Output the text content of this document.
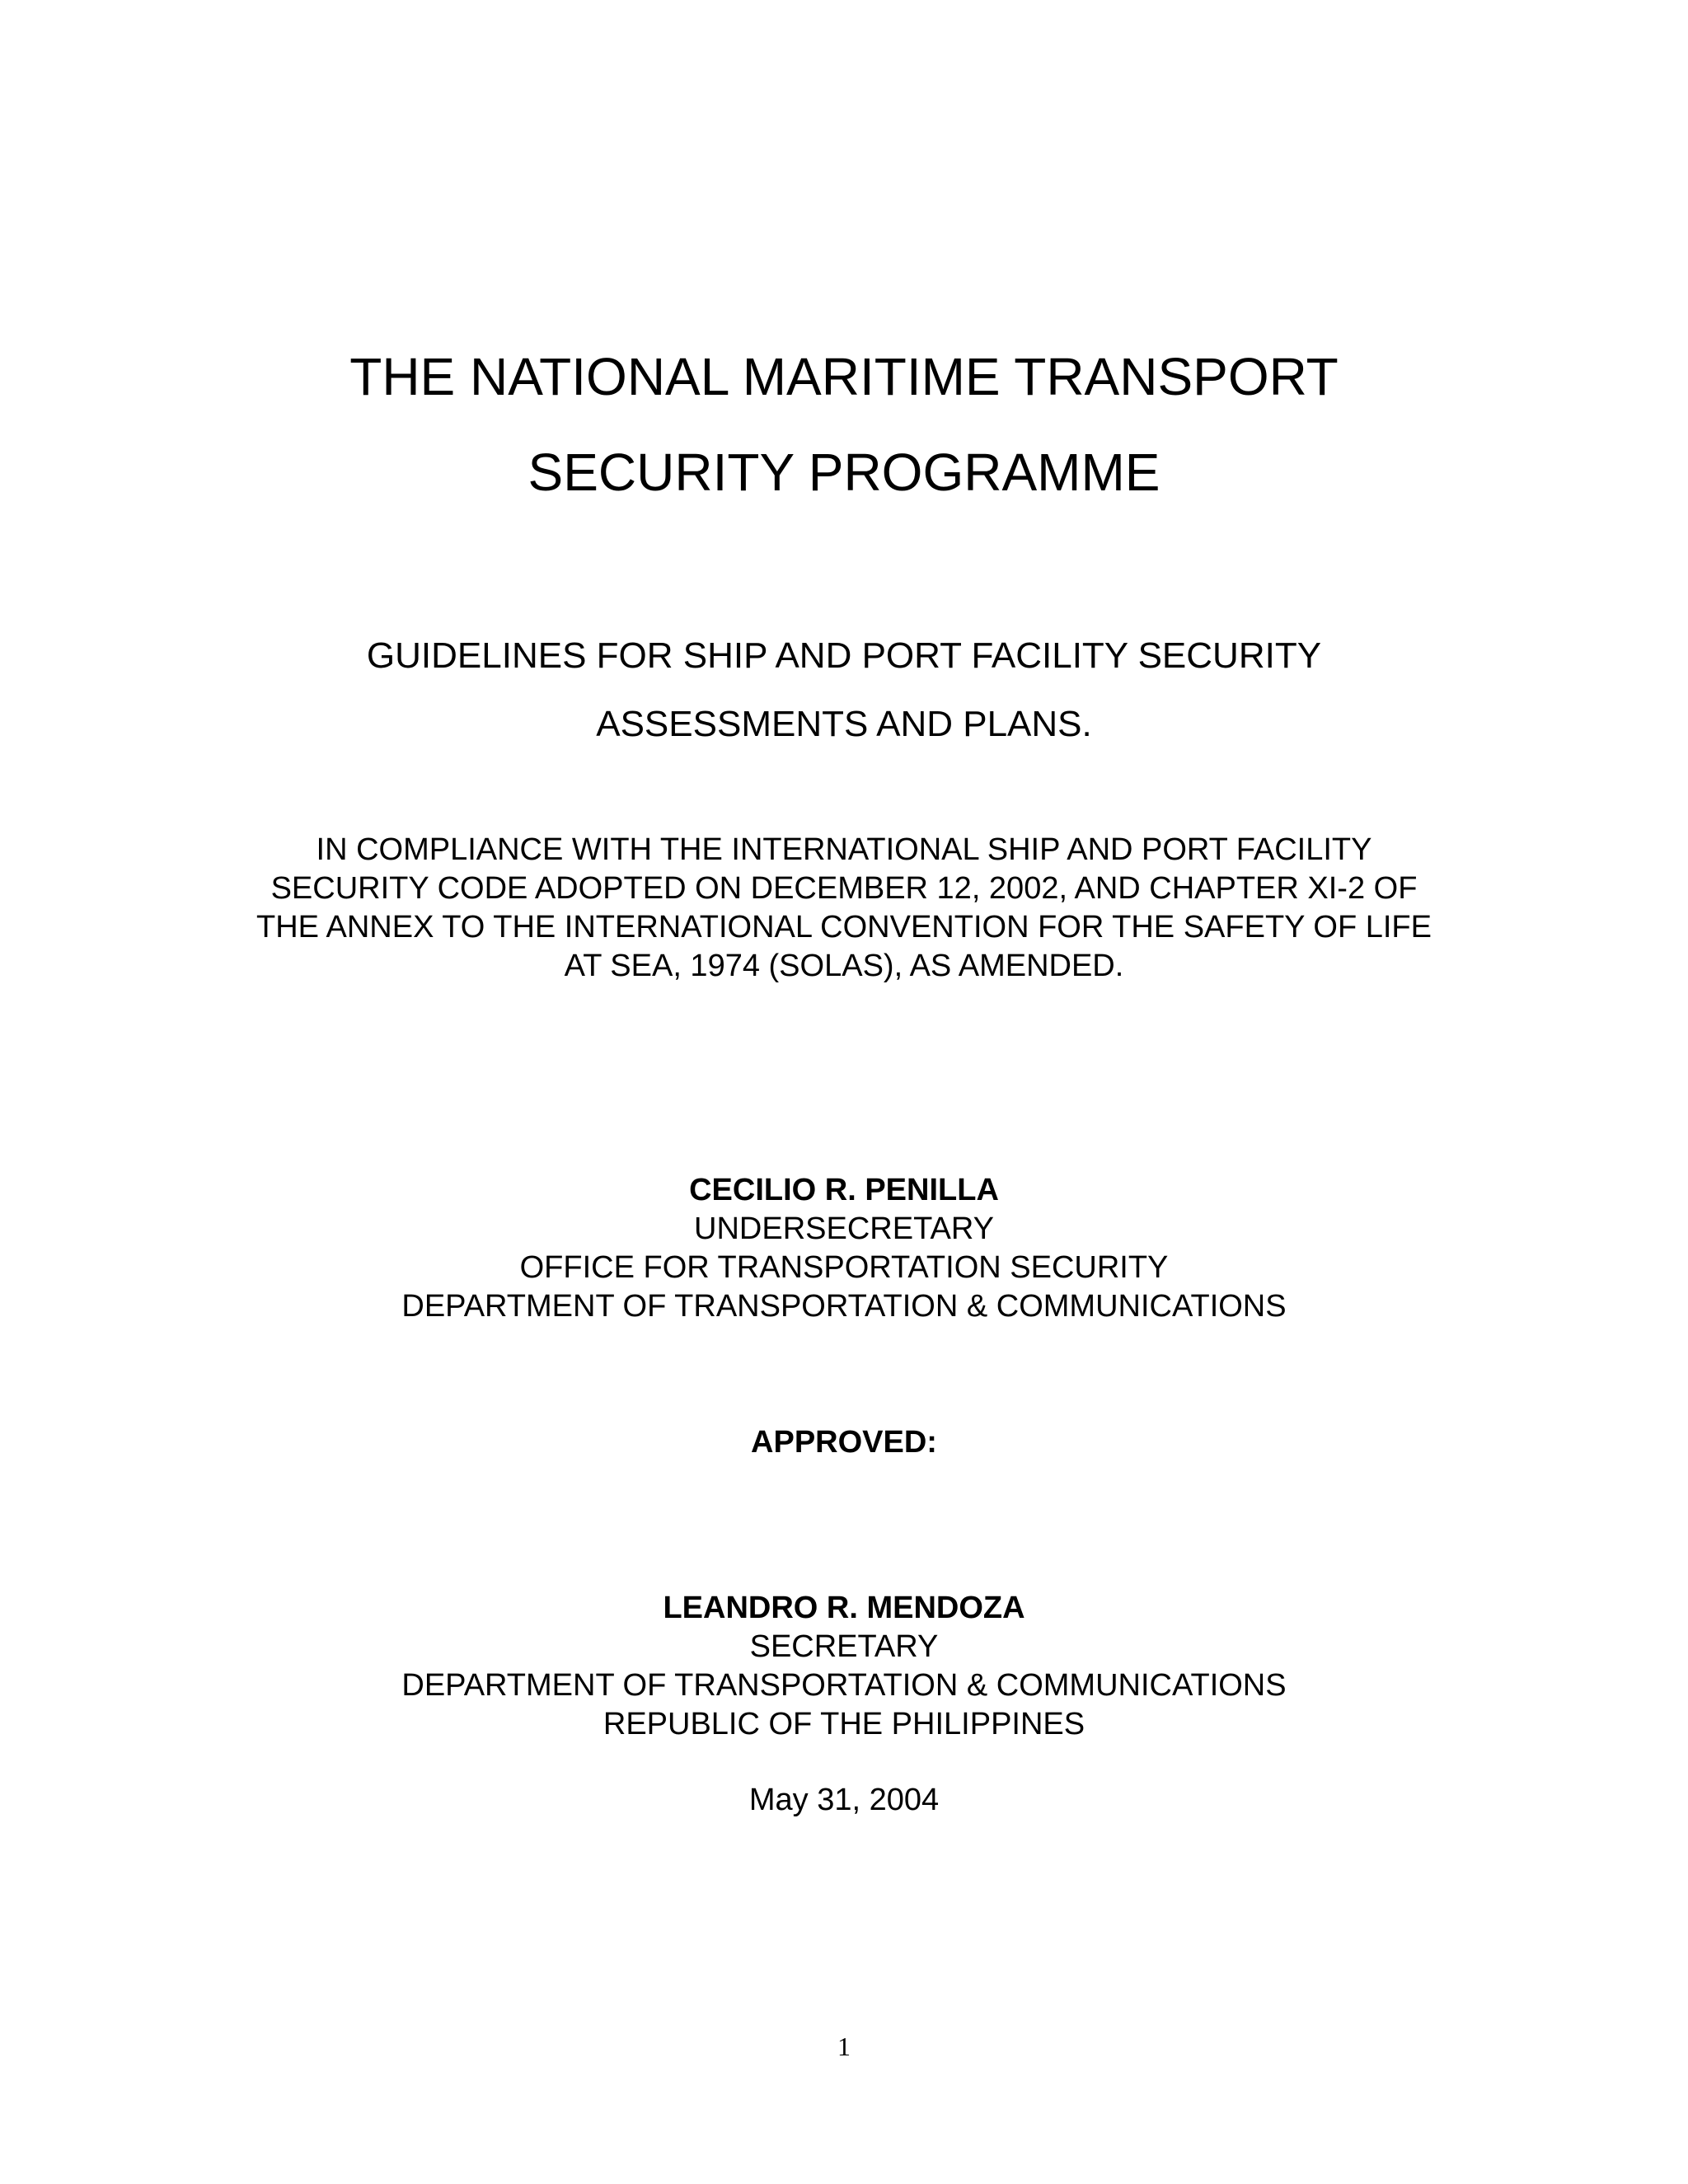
THE NATIONAL MARITIME TRANSPORT
SECURITY PROGRAMME
GUIDELINES FOR SHIP AND PORT FACILITY SECURITY
ASSESSMENTS AND PLANS.
IN COMPLIANCE WITH THE INTERNATIONAL SHIP AND PORT FACILITY
SECURITY CODE ADOPTED ON DECEMBER 12, 2002, AND CHAPTER XI-2 OF
THE ANNEX TO THE INTERNATIONAL CONVENTION FOR THE SAFETY OF LIFE
AT SEA, 1974 (SOLAS), AS AMENDED.
CECILIO R. PENILLA
UNDERSECRETARY
OFFICE FOR TRANSPORTATION SECURITY
DEPARTMENT OF TRANSPORTATION & COMMUNICATIONS
APPROVED:
LEANDRO R. MENDOZA
SECRETARY
DEPARTMENT OF TRANSPORTATION & COMMUNICATIONS
REPUBLIC OF THE PHILIPPINES
May 31, 2004
1
